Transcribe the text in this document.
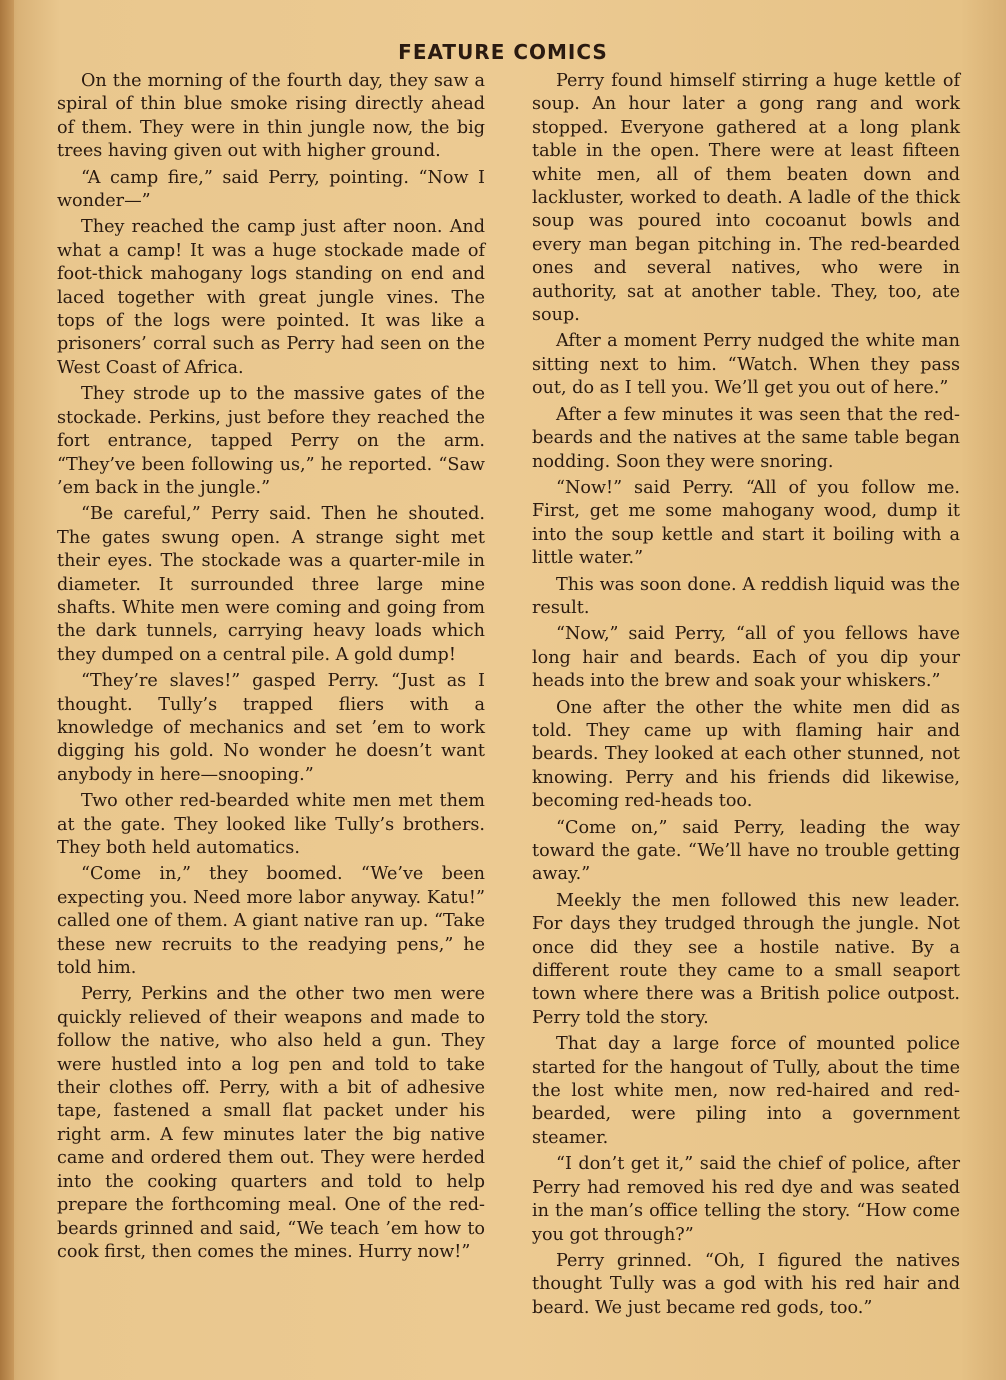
FEATURE COMICS

On the morning of the fourth day, they saw a spiral of thin blue smoke rising directly ahead of them. They were in thin jungle now, the big trees having given out with higher ground.

“A camp fire,” said Perry, pointing. “Now I wonder—”

They reached the camp just after noon. And what a camp! It was a huge stockade made of foot-thick mahogany logs standing on end and laced together with great jungle vines. The tops of the logs were pointed. It was like a prisoners’ corral such as Perry had seen on the West Coast of Africa.

They strode up to the massive gates of the stockade. Perkins, just before they reached the fort entrance, tapped Perry on the arm. “They’ve been following us,” he reported. “Saw ’em back in the jungle.”

“Be careful,” Perry said. Then he shouted. The gates swung open. A strange sight met their eyes. The stockade was a quarter-mile in diameter. It surrounded three large mine shafts. White men were coming and going from the dark tunnels, carrying heavy loads which they dumped on a central pile. A gold dump!

“They’re slaves!” gasped Perry. “Just as I thought. Tully’s trapped fliers with a knowledge of mechanics and set ’em to work digging his gold. No wonder he doesn’t want anybody in here—snooping.”

Two other red-bearded white men met them at the gate. They looked like Tully’s brothers. They both held automatics.

“Come in,” they boomed. “We’ve been expecting you. Need more labor anyway. Katu!” called one of them. A giant native ran up. “Take these new recruits to the readying pens,” he told him.

Perry, Perkins and the other two men were quickly relieved of their weapons and made to follow the native, who also held a gun. They were hustled into a log pen and told to take their clothes off. Perry, with a bit of adhesive tape, fastened a small flat packet under his right arm. A few minutes later the big native came and ordered them out. They were herded into the cooking quarters and told to help prepare the forthcoming meal. One of the red-beards grinned and said, “We teach ’em how to cook first, then comes the mines. Hurry now!”

Perry found himself stirring a huge kettle of soup. An hour later a gong rang and work stopped. Everyone gathered at a long plank table in the open. There were at least fifteen white men, all of them beaten down and lackluster, worked to death. A ladle of the thick soup was poured into cocoanut bowls and every man began pitching in. The red-bearded ones and several natives, who were in authority, sat at another table. They, too, ate soup.

After a moment Perry nudged the white man sitting next to him. “Watch. When they pass out, do as I tell you. We’ll get you out of here.”

After a few minutes it was seen that the red-beards and the natives at the same table began nodding. Soon they were snoring.

“Now!” said Perry. “All of you follow me. First, get me some mahogany wood, dump it into the soup kettle and start it boiling with a little water.”

This was soon done. A reddish liquid was the result.

“Now,” said Perry, “all of you fellows have long hair and beards. Each of you dip your heads into the brew and soak your whiskers.”

One after the other the white men did as told. They came up with flaming hair and beards. They looked at each other stunned, not knowing. Perry and his friends did likewise, becoming red-heads too.

“Come on,” said Perry, leading the way toward the gate. “We’ll have no trouble getting away.”

Meekly the men followed this new leader. For days they trudged through the jungle. Not once did they see a hostile native. By a different route they came to a small seaport town where there was a British police outpost. Perry told the story.

That day a large force of mounted police started for the hangout of Tully, about the time the lost white men, now red-haired and red-bearded, were piling into a government steamer.

“I don’t get it,” said the chief of police, after Perry had removed his red dye and was seated in the man’s office telling the story. “How come you got through?”

Perry grinned. “Oh, I figured the natives thought Tully was a god with his red hair and beard. We just became red gods, too.”
